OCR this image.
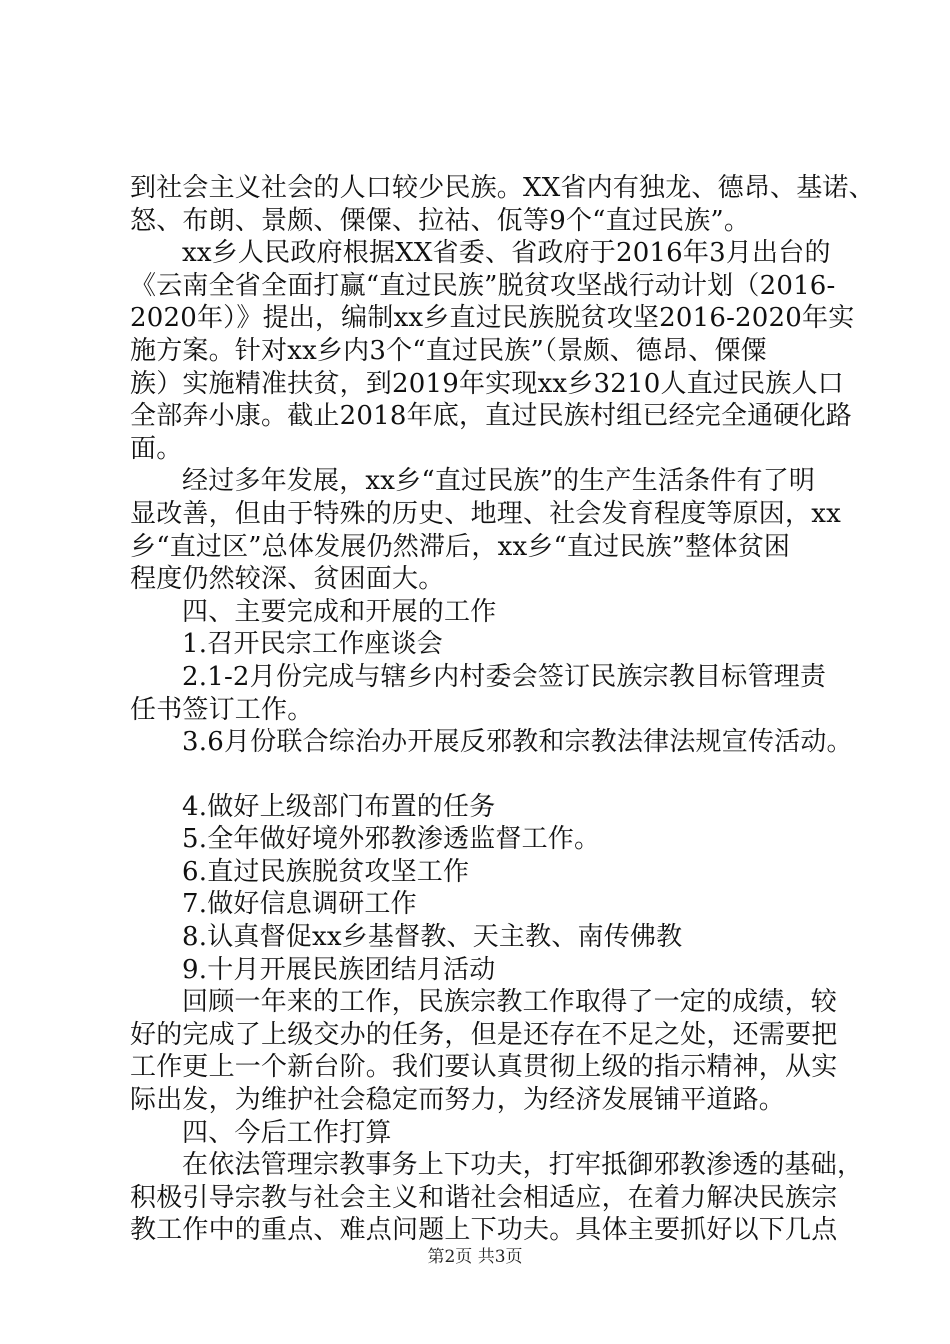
到社会主义社会的人口较少民族。XX省内有独龙、德昂、基诺、
怒、布朗、景颇、傈僳、拉祜、佤等9个“直过民族”。
xx乡人民政府根据XX省委、省政府于2016年3月出台的
《云南全省全面打赢“直过民族”脱贫攻坚战行动计划（2016-
2020年）》提出，编制xx乡直过民族脱贫攻坚2016-2020年实
施方案。针对xx乡内3个“直过民族”（景颇、德昂、傈僳
族）实施精准扶贫，到2019年实现xx乡3210人直过民族人口
全部奔小康。截止2018年底，直过民族村组已经完全通硬化路
面。
经过多年发展，xx乡“直过民族”的生产生活条件有了明
显改善，但由于特殊的历史、地理、社会发育程度等原因，xx
乡“直过区”总体发展仍然滞后，xx乡“直过民族”整体贫困
程度仍然较深、贫困面大。
四、主要完成和开展的工作
1.召开民宗工作座谈会
2.1-2月份完成与辖乡内村委会签订民族宗教目标管理责
任书签订工作。
3.6月份联合综治办开展反邪教和宗教法律法规宣传活动。
4.做好上级部门布置的任务
5.全年做好境外邪教渗透监督工作。
6.直过民族脱贫攻坚工作
7.做好信息调研工作
8.认真督促xx乡基督教、天主教、南传佛教
9.十月开展民族团结月活动
回顾一年来的工作，民族宗教工作取得了一定的成绩，较
好的完成了上级交办的任务，但是还存在不足之处，还需要把
工作更上一个新台阶。我们要认真贯彻上级的指示精神，从实
际出发，为维护社会稳定而努力，为经济发展铺平道路。
四、今后工作打算
在依法管理宗教事务上下功夫，打牢抵御邪教渗透的基础，
积极引导宗教与社会主义和谐社会相适应，在着力解决民族宗
教工作中的重点、难点问题上下功夫。具体主要抓好以下几点
第2页 共3页
